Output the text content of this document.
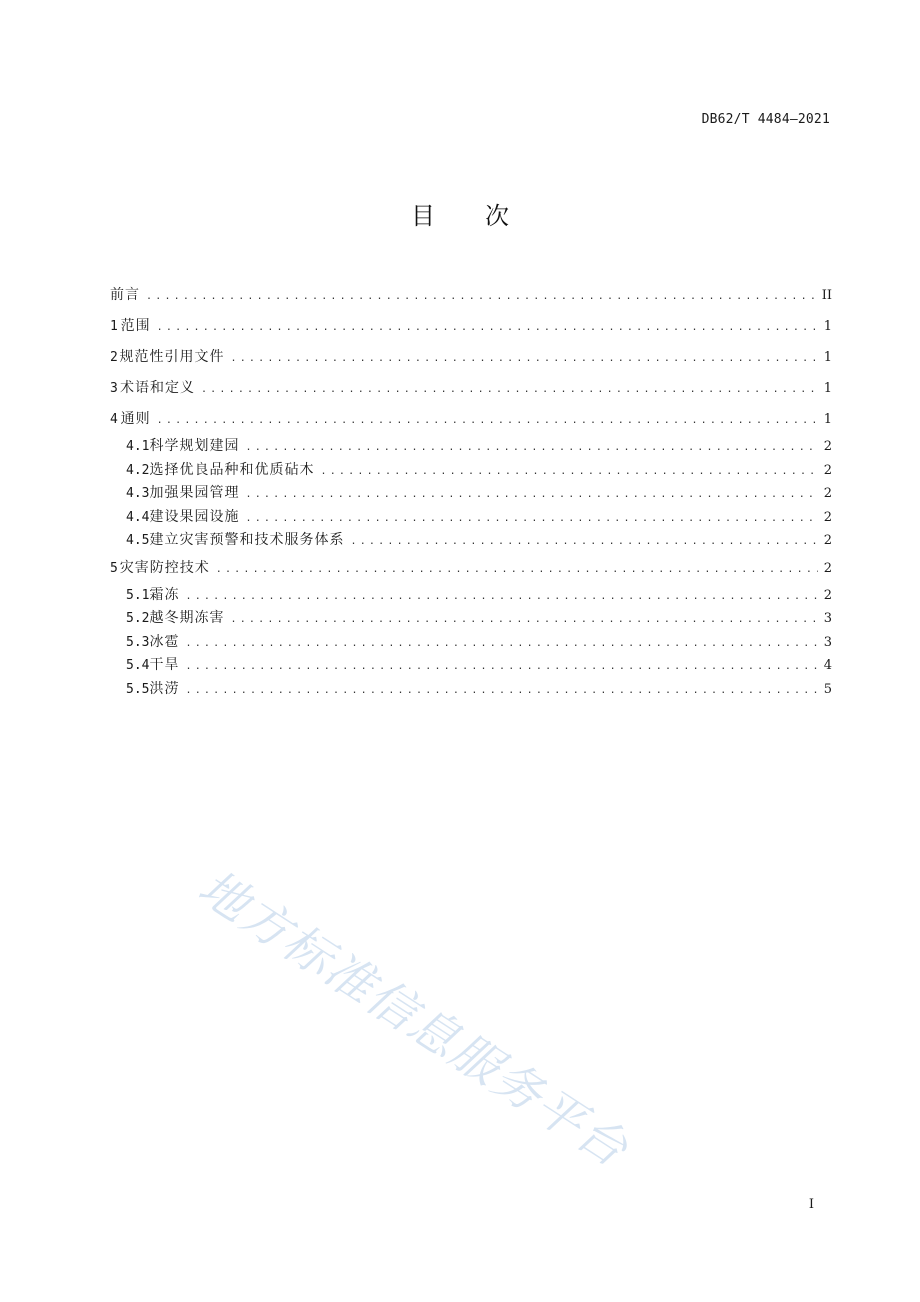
DB62/T 4484—2021
目次
前言 .....	II
1 范围 .....	1
2 规范性引用文件 .....	1
3 术语和定义 .....	1
4 通则 .....	1
4.1 科学规划建园 .....	2
4.2 选择优良品种和优质砧木 .....	2
4.3 加强果园管理 .....	2
4.4 建设果园设施 .....	2
4.5 建立灾害预警和技术服务体系 .....	2
5 灾害防控技术 .....	2
5.1 霜冻 .....	2
5.2 越冬期冻害 .....	3
5.3 冰雹 .....	3
5.4 干旱 .....	4
5.5 洪涝 .....	5
地方标准信息服务平台
I
